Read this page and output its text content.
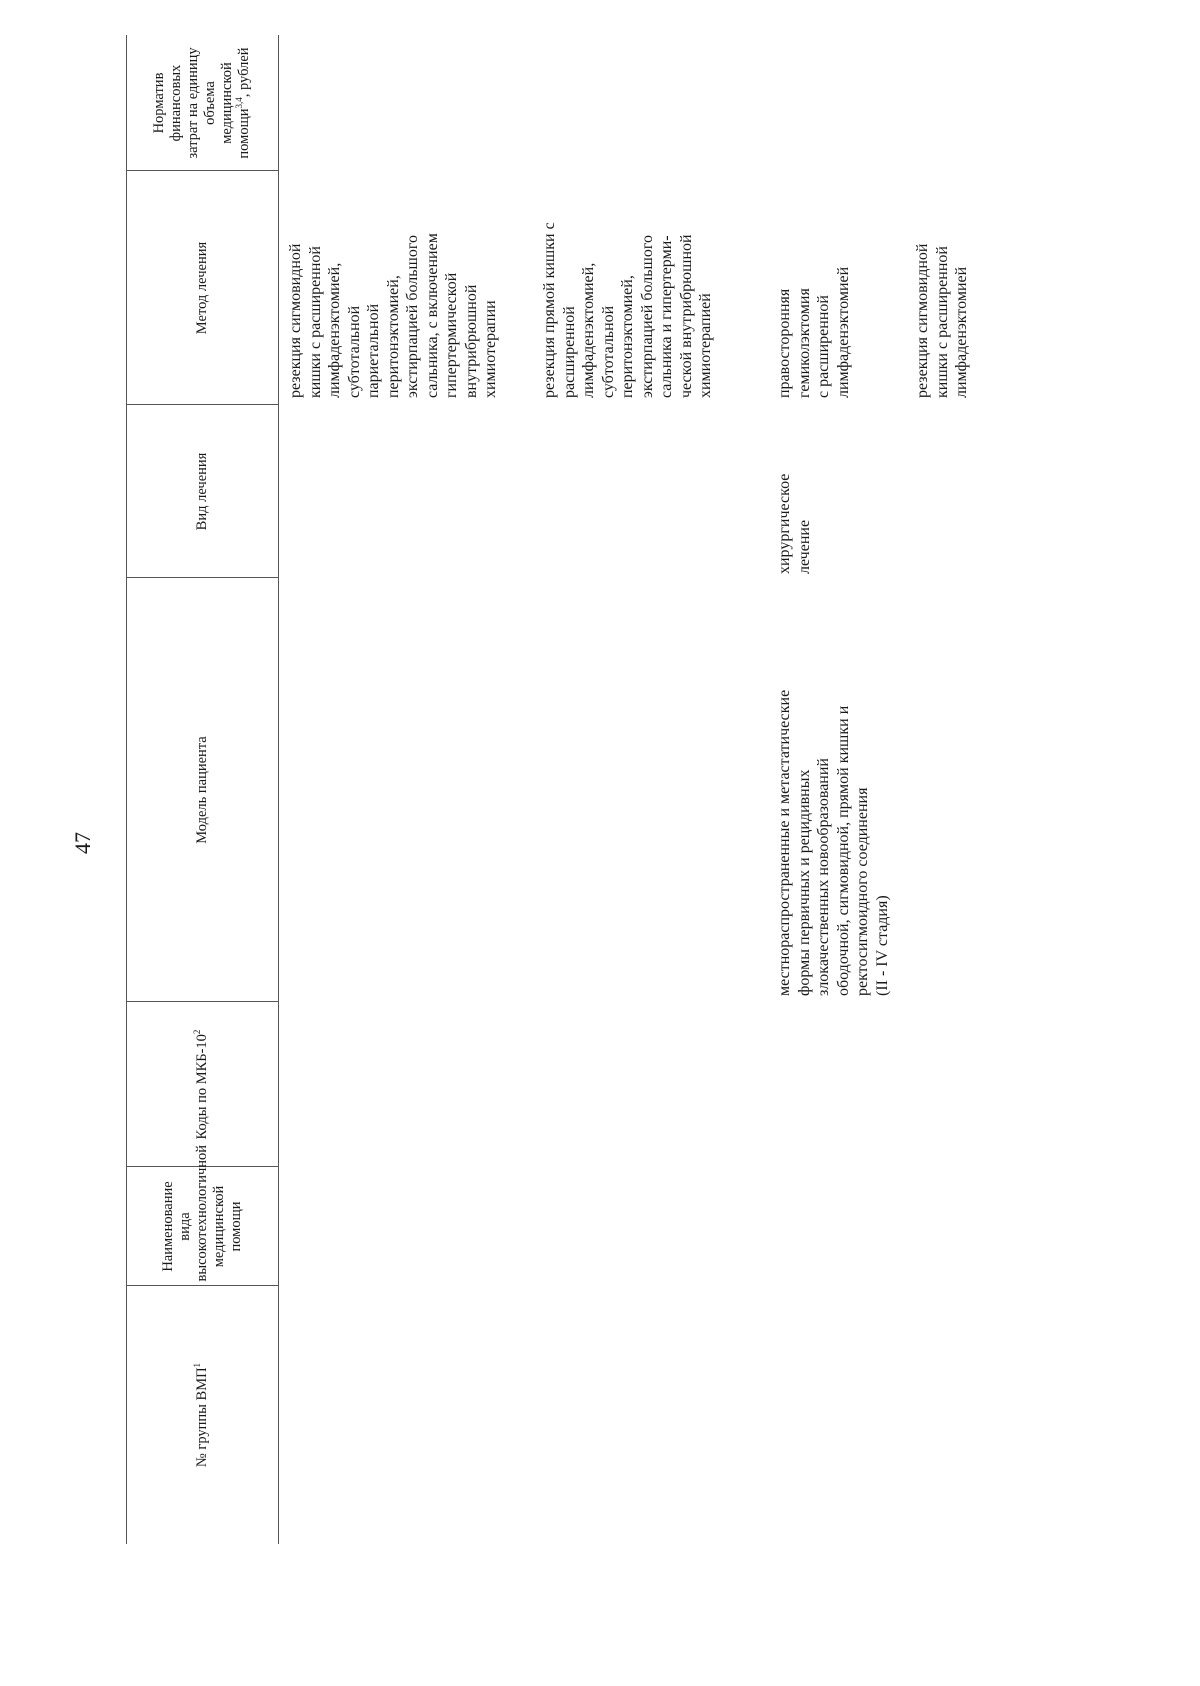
47
№ группы ВМП$^1$
Наименование вида высокотехнологичной медицинской помощи
Коды по МКБ-$10^2$
Модель пациента
Вид лечения
Метод лечения
Норматив финансовых затрат на единицу объема медицинской помощи$^{3,4}$, рублей
резекция сигмовидной
кишки с расширенной
лимфаденэктомией,
субтотальной
париетальной
перитонэктомией,
экстирпацией большого
сальника, с включением
гипертермической
внутрибрюшной
химиотерапии	резекция прямой кишки с
расширенной
лимфаденэктомией,
субтотальной
перитонэктомией,
экстирпацией большого
сальника и гипертерми-
ческой внутрибрюшной
химиотерапией
местнораспространенные и метастатические
формы первичных и рецидивных
злокачественных новообразований
ободочной, сигмовидной, прямой кишки и
ректосигмоидного соединения
(II - IV стадия)
хирургическое
лечение
правосторонняя
гемиколэктомия
с расширенной
лимфаденэктомией	резекция сигмовидной
кишки с расширенной
лимфаденэктомией
